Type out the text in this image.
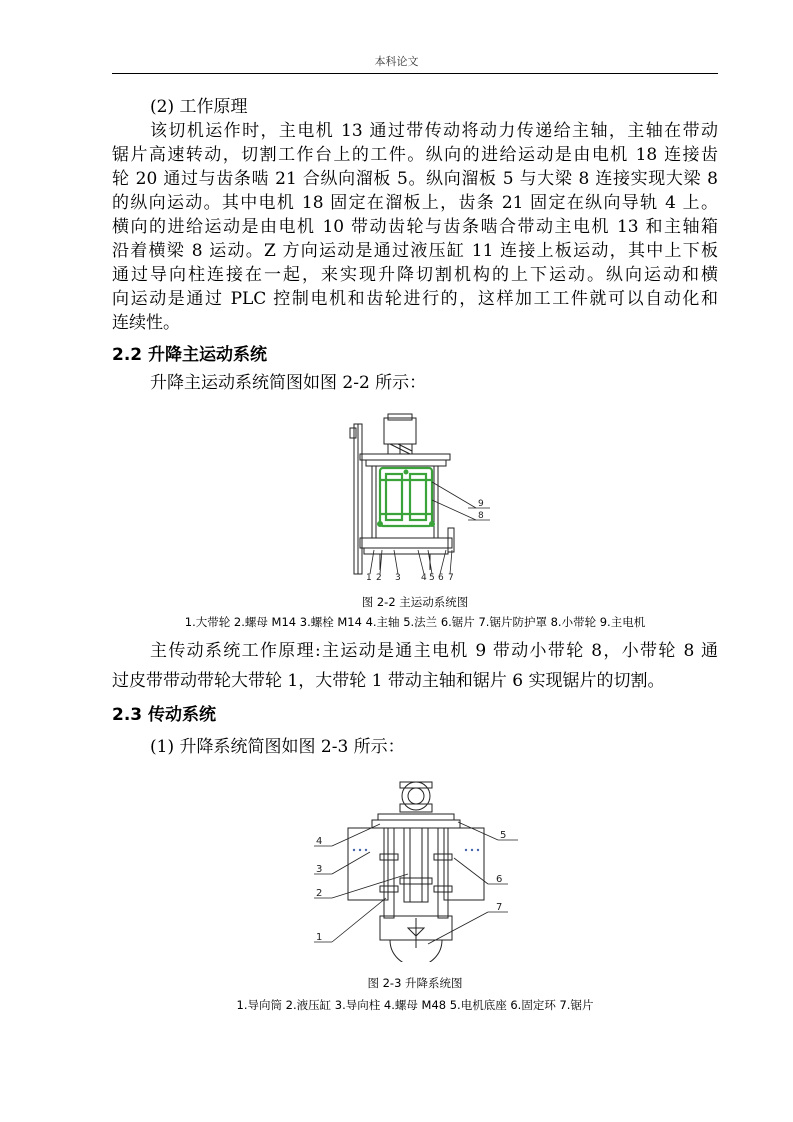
本科论文
(2) 工作原理
该切机运作时，主电机 13 通过带传动将动力传递给主轴，主轴在带动
锯片高速转动，切割工作台上的工件。纵向的进给运动是由电机 18 连接齿
轮 20 通过与齿条啮 21 合纵向溜板 5。纵向溜板 5 与大梁 8 连接实现大梁 8
的纵向运动。其中电机 18 固定在溜板上，齿条 21 固定在纵向导轨 4 上。
横向的进给运动是由电机 10 带动齿轮与齿条啮合带动主电机 13 和主轴箱
沿着横梁 8 运动。Z 方向运动是通过液压缸 11 连接上板运动，其中上下板
通过导向柱连接在一起，来实现升降切割机构的上下运动。纵向运动和横
向运动是通过 PLC 控制电机和齿轮进行的，这样加工工件就可以自动化和
连续性。
2.2 升降主运动系统
升降主运动系统简图如图 2-2 所示：
9
8
1 2 3 4 5 6 7
图 2-2 主运动系统图
1.大带轮 2.螺母 M14 3.螺栓 M14 4.主轴 5.法兰 6.锯片 7.锯片防护罩 8.小带轮 9.主电机
主传动系统工作原理:主运动是通主电机 9 带动小带轮 8，小带轮 8 通
过皮带带动带轮大带轮 1，大带轮 1 带动主轴和锯片 6 实现锯片的切割。
2.3 传动系统
(1) 升降系统简图如图 2-3 所示：
4
3
2
1
5
6
7
图 2-3 升降系统图
1.导向筒 2.液压缸 3.导向柱 4.螺母 M48 5.电机底座 6.固定环 7.锯片
